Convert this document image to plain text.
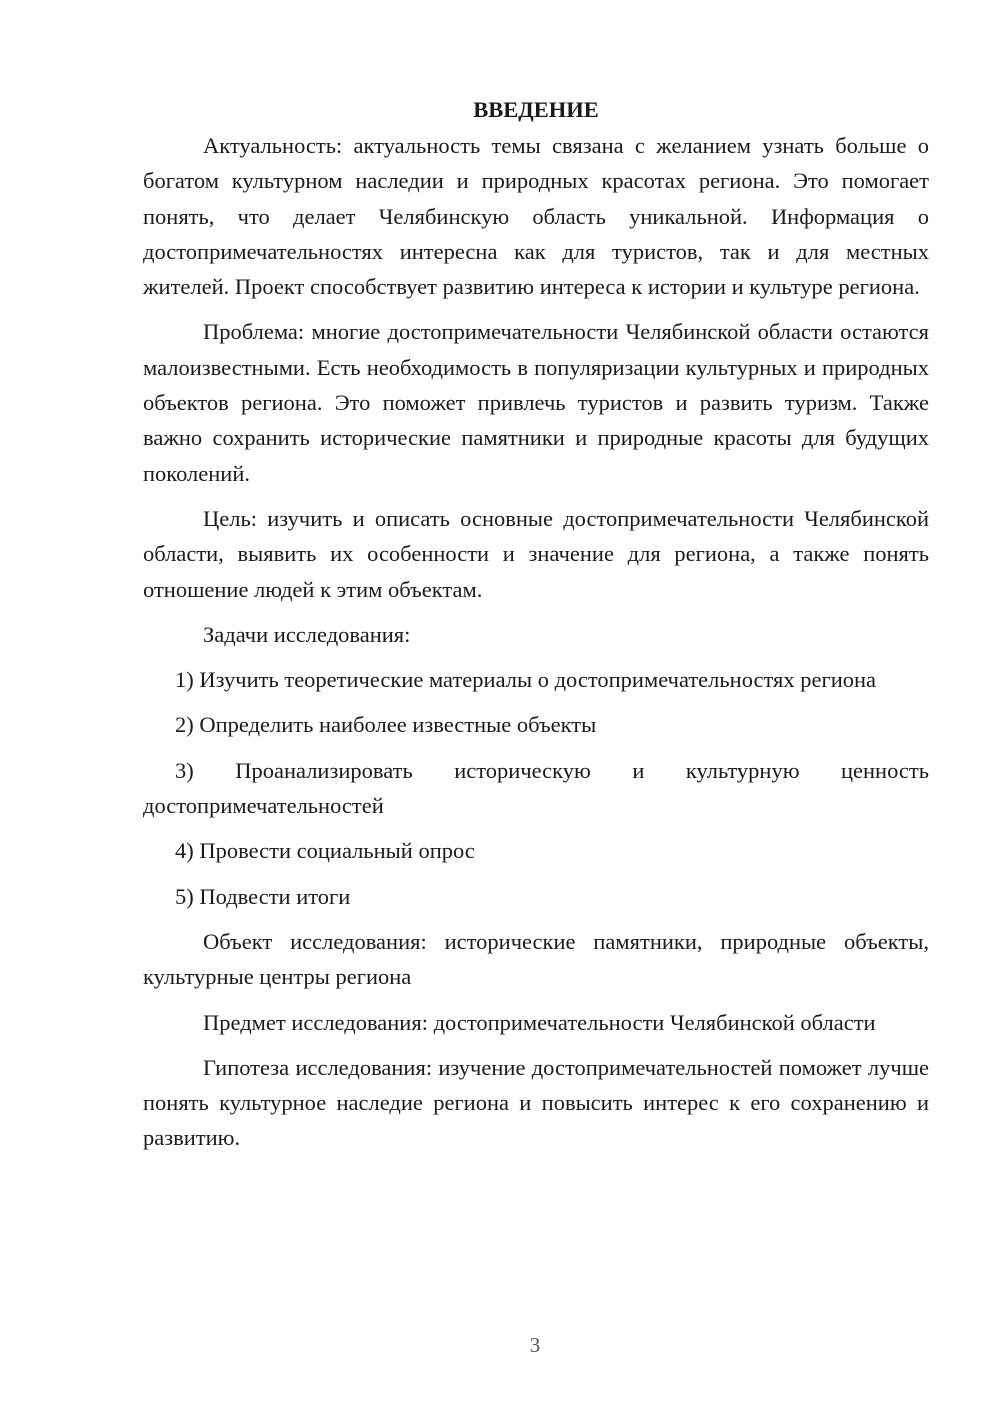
ВВЕДЕНИЕ

Актуальность: актуальность темы связана с желанием узнать больше о богатом культурном наследии и природных красотах региона. Это помогает понять, что делает Челябинскую область уникальной. Информация о достопримечательностях интересна как для туристов, так и для местных жителей. Проект способствует развитию интереса к истории и культуре региона.

Проблема: многие достопримечательности Челябинской области остаются малоизвестными. Есть необходимость в популяризации культурных и природных объектов региона. Это поможет привлечь туристов и развить туризм. Также важно сохранить исторические памятники и природные красоты для будущих поколений.

Цель: изучить и описать основные достопримечательности Челябинской области, выявить их особенности и значение для региона, а также понять отношение людей к этим объектам.

Задачи исследования:

1) Изучить теоретические материалы о достопримечательностях региона

2) Определить наиболее известные объекты

3) Проанализировать историческую и культурную ценность достопримечательностей

4) Провести социальный опрос

5) Подвести итоги

Объект исследования: исторические памятники, природные объекты, культурные центры региона

Предмет исследования: достопримечательности Челябинской области

Гипотеза исследования: изучение достопримечательностей поможет лучше понять культурное наследие региона и повысить интерес к его сохранению и развитию.

3
